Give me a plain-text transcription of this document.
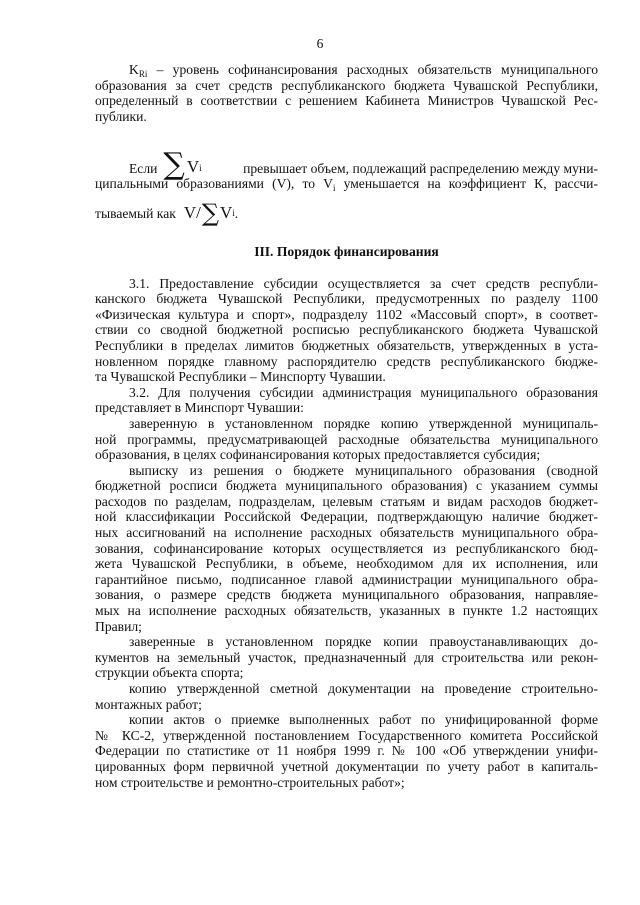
6
$K_{Ri}$ – уровень софинансирования расходных обязательств муниципального
образования за счет средств республиканского бюджета Чувашской Республики,
определенный в соответствии с решением Кабинета Министров Чувашской Рес-
публики.
Если ∑ V i	превышает объем, подлежащий распределению между муни-
ципальными образованиями (V), то $V_i$ уменьшается на коэффициент К, рассчи-
тываемый как V/ ∑ V i .
III. Порядок финансирования
3.1. Предоставление субсидии осуществляется за счет средств республи-
канского бюджета Чувашской Республики, предусмотренных по разделу 1100
«Физическая культура и спорт», подразделу 1102 «Массовый спорт», в соответ-
ствии со сводной бюджетной росписью республиканского бюджета Чувашской
Республики в пределах лимитов бюджетных обязательств, утвержденных в уста-
новленном порядке главному распорядителю средств республиканского бюдже-
та Чувашской Республики – Минспорту Чувашии.
3.2. Для получения субсидии администрация муниципального образования
представляет в Минспорт Чувашии:
заверенную в установленном порядке копию утвержденной муниципаль-
ной программы, предусматривающей расходные обязательства муниципального
образования, в целях софинансирования которых предоставляется субсидия;
выписку из решения о бюджете муниципального образования (сводной
бюджетной росписи бюджета муниципального образования) с указанием суммы
расходов по разделам, подразделам, целевым статьям и видам расходов бюджет-
ной классификации Российской Федерации, подтверждающую наличие бюджет-
ных ассигнований на исполнение расходных обязательств муниципального обра-
зования, софинансирование которых осуществляется из республиканского бюд-
жета Чувашской Республики, в объеме, необходимом для их исполнения, или
гарантийное письмо, подписанное главой администрации муниципального обра-
зования, о размере средств бюджета муниципального образования, направляе-
мых на исполнение расходных обязательств, указанных в пункте 1.2 настоящих
Правил;
заверенные в установленном порядке копии правоустанавливающих до-
кументов на земельный участок, предназначенный для строительства или рекон-
струкции объекта спорта;
копию утвержденной сметной документации на проведение строительно-
монтажных работ;
копии актов о приемке выполненных работ по унифицированной форме
№ КС-2, утвержденной постановлением Государственного комитета Российской
Федерации по статистике от 11 ноября 1999 г. № 100 «Об утверждении унифи-
цированных форм первичной учетной документации по учету работ в капиталь-
ном строительстве и ремонтно-строительных работ»;
